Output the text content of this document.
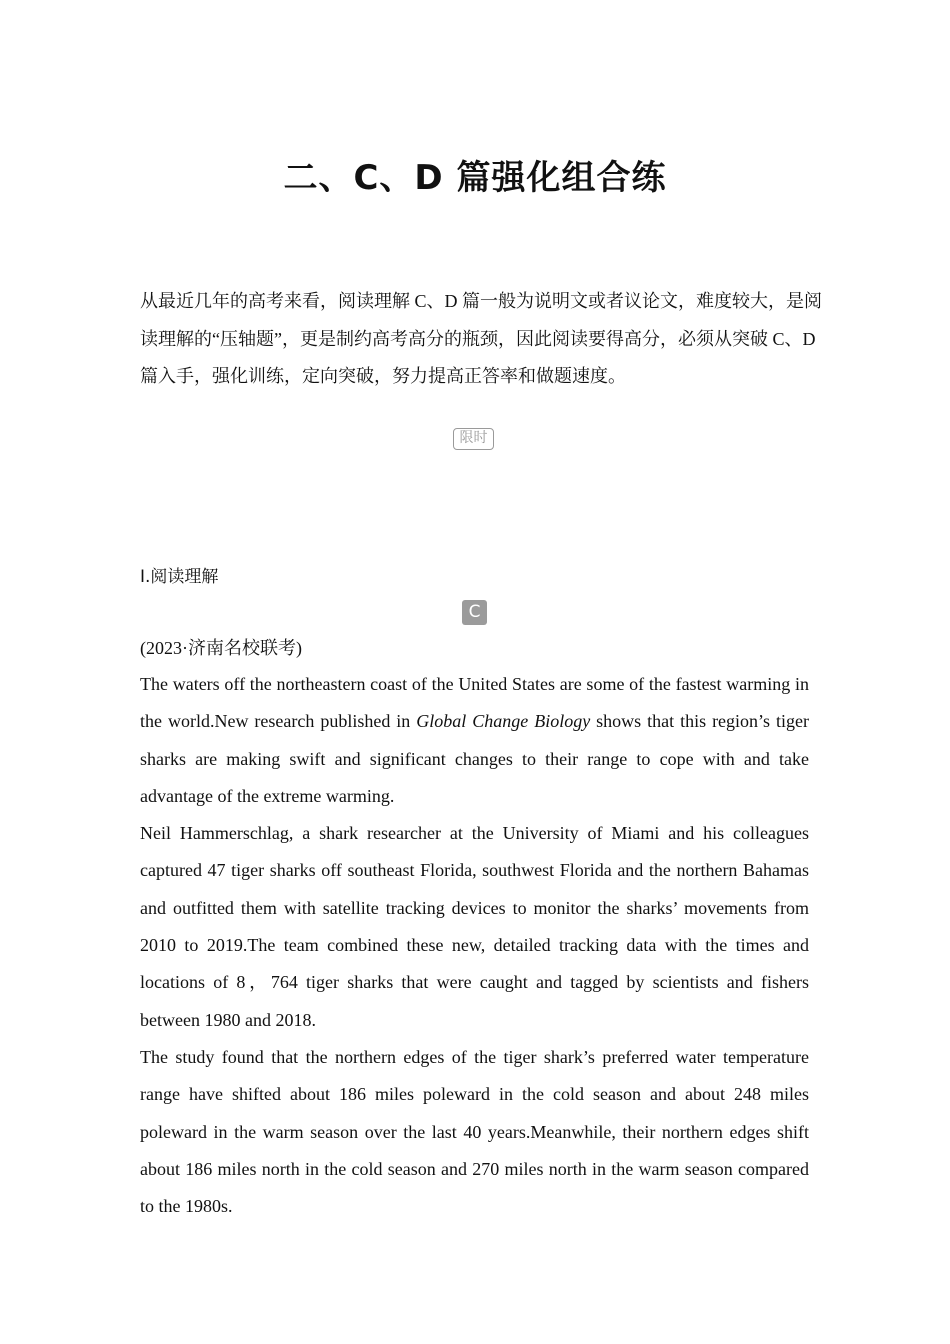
二、C、D 篇强化组合练

从最近几年的高考来看，阅读理解 C、D 篇一般为说明文或者议论文，难度较大，是阅读理解的“压轴题”，更是制约高考高分的瓶颈，因此阅读要得高分，必须从突破 C、D 篇入手，强化训练，定向突破，努力提高正答率和做题速度。

限时
Ⅰ.阅读理解
C

(2023·济南名校联考)

The waters off the northeastern coast of the United States are some of the fastest warming in the world.New research published in Global Change Biology shows that this region’s tiger sharks are making swift and significant changes to their range to cope with and take advantage of the extreme warming.

Neil Hammerschlag, a shark researcher at the University of Miami and his colleagues captured 47 tiger sharks off southeast Florida, southwest Florida and the northern Bahamas and outfitted them with satellite tracking devices to monitor the sharks’ movements from 2010 to 2019.The team combined these new, detailed tracking data with the times and locations of 8，764 tiger sharks that were caught and tagged by scientists and fishers between 1980 and 2018.

The study found that the northern edges of the tiger shark’s preferred water temperature range have shifted about 186 miles poleward in the cold season and about 248 miles poleward in the warm season over the last 40 years.Meanwhile, their northern edges shift about 186 miles north in the cold season and 270 miles north in the warm season compared to the 1980s.
